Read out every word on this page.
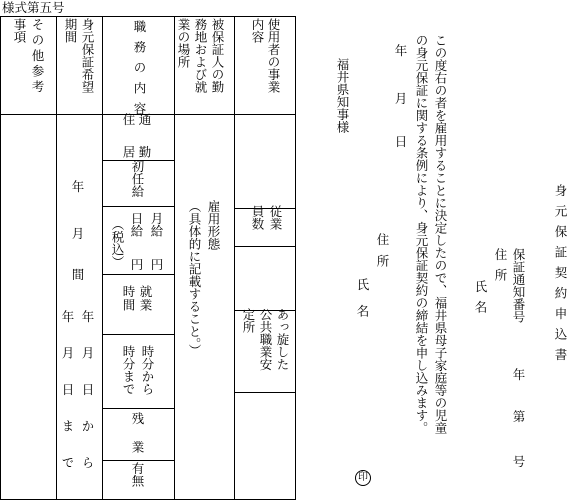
様式第五号
使用者の事業
内容
被保証人の勤
務地および就
業の場所
職務の内容
身元保証希望
期間
その他参考
事項
従業
員数
あっ旋した
公共職業安
定所
雇用形態
（具体的に記載すること。）
通勤
住居
初任給
月給
円
日給
円
（税込）
就業
時間
時分から
時分まで
残業
有無
年
月
間
年月日から
年月日まで
身元保証契約申込書
保証通知番号
年
第
号
住所
氏名
この度右の者を雇用することに決定したので、福井県母子家庭等の児童
の身元保証に関する条例により、身元保証契約の締結を申し込みます。
年
月
日
住所
氏名
印
福井県知事様
